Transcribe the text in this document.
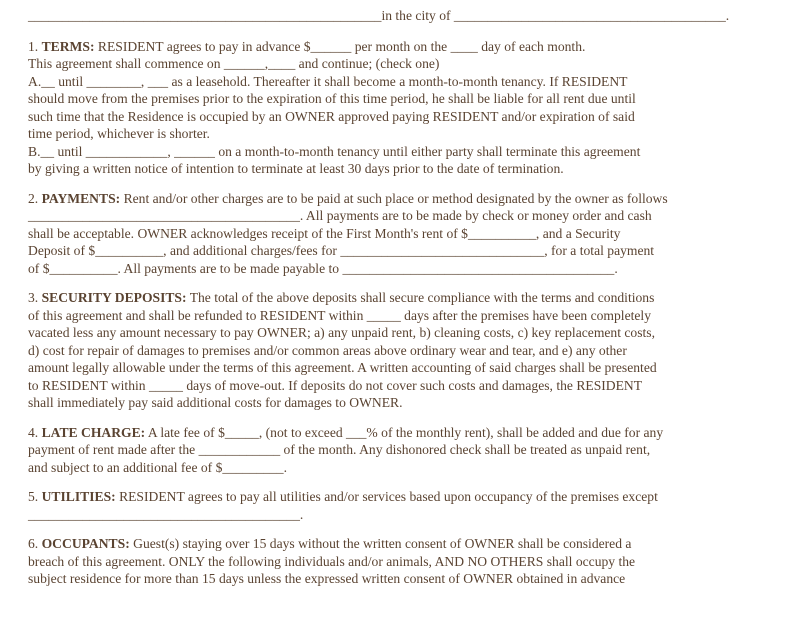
____________________________________________________in the city of ________________________________________.

1. TERMS: RESIDENT agrees to pay in advance $______ per month on the ____ day of each month.

This agreement shall commence on ______,____ and continue; (check one)

A.__ until ________, ___ as a leasehold. Thereafter it shall become a month-to-month tenancy. If RESIDENT

should move from the premises prior to the expiration of this time period, he shall be liable for all rent due until

such time that the Residence is occupied by an OWNER approved paying RESIDENT and/or expiration of said

time period, whichever is shorter.

B.__ until ____________, ______ on a month-to-month tenancy until either party shall terminate this agreement

by giving a written notice of intention to terminate at least 30 days prior to the date of termination.

2. PAYMENTS: Rent and/or other charges are to be paid at such place or method designated by the owner as follows

________________________________________. All payments are to be made by check or money order and cash

shall be acceptable. OWNER acknowledges receipt of the First Month's rent of $__________, and a Security

Deposit of $__________, and additional charges/fees for ______________________________, for a total payment

of $__________. All payments are to be made payable to ________________________________________.

3. SECURITY DEPOSITS: The total of the above deposits shall secure compliance with the terms and conditions

of this agreement and shall be refunded to RESIDENT within _____ days after the premises have been completely

vacated less any amount necessary to pay OWNER; a) any unpaid rent, b) cleaning costs, c) key replacement costs,

d) cost for repair of damages to premises and/or common areas above ordinary wear and tear, and e) any other

amount legally allowable under the terms of this agreement. A written accounting of said charges shall be presented

to RESIDENT within _____ days of move-out. If deposits do not cover such costs and damages, the RESIDENT

shall immediately pay said additional costs for damages to OWNER.

4. LATE CHARGE: A late fee of $_____, (not to exceed ___% of the monthly rent), shall be added and due for any

payment of rent made after the ____________ of the month. Any dishonored check shall be treated as unpaid rent,

and subject to an additional fee of $_________.

5. UTILITIES: RESIDENT agrees to pay all utilities and/or services based upon occupancy of the premises except

________________________________________.

6. OCCUPANTS: Guest(s) staying over 15 days without the written consent of OWNER shall be considered a

breach of this agreement. ONLY the following individuals and/or animals, AND NO OTHERS shall occupy the

subject residence for more than 15 days unless the expressed written consent of OWNER obtained in advance
